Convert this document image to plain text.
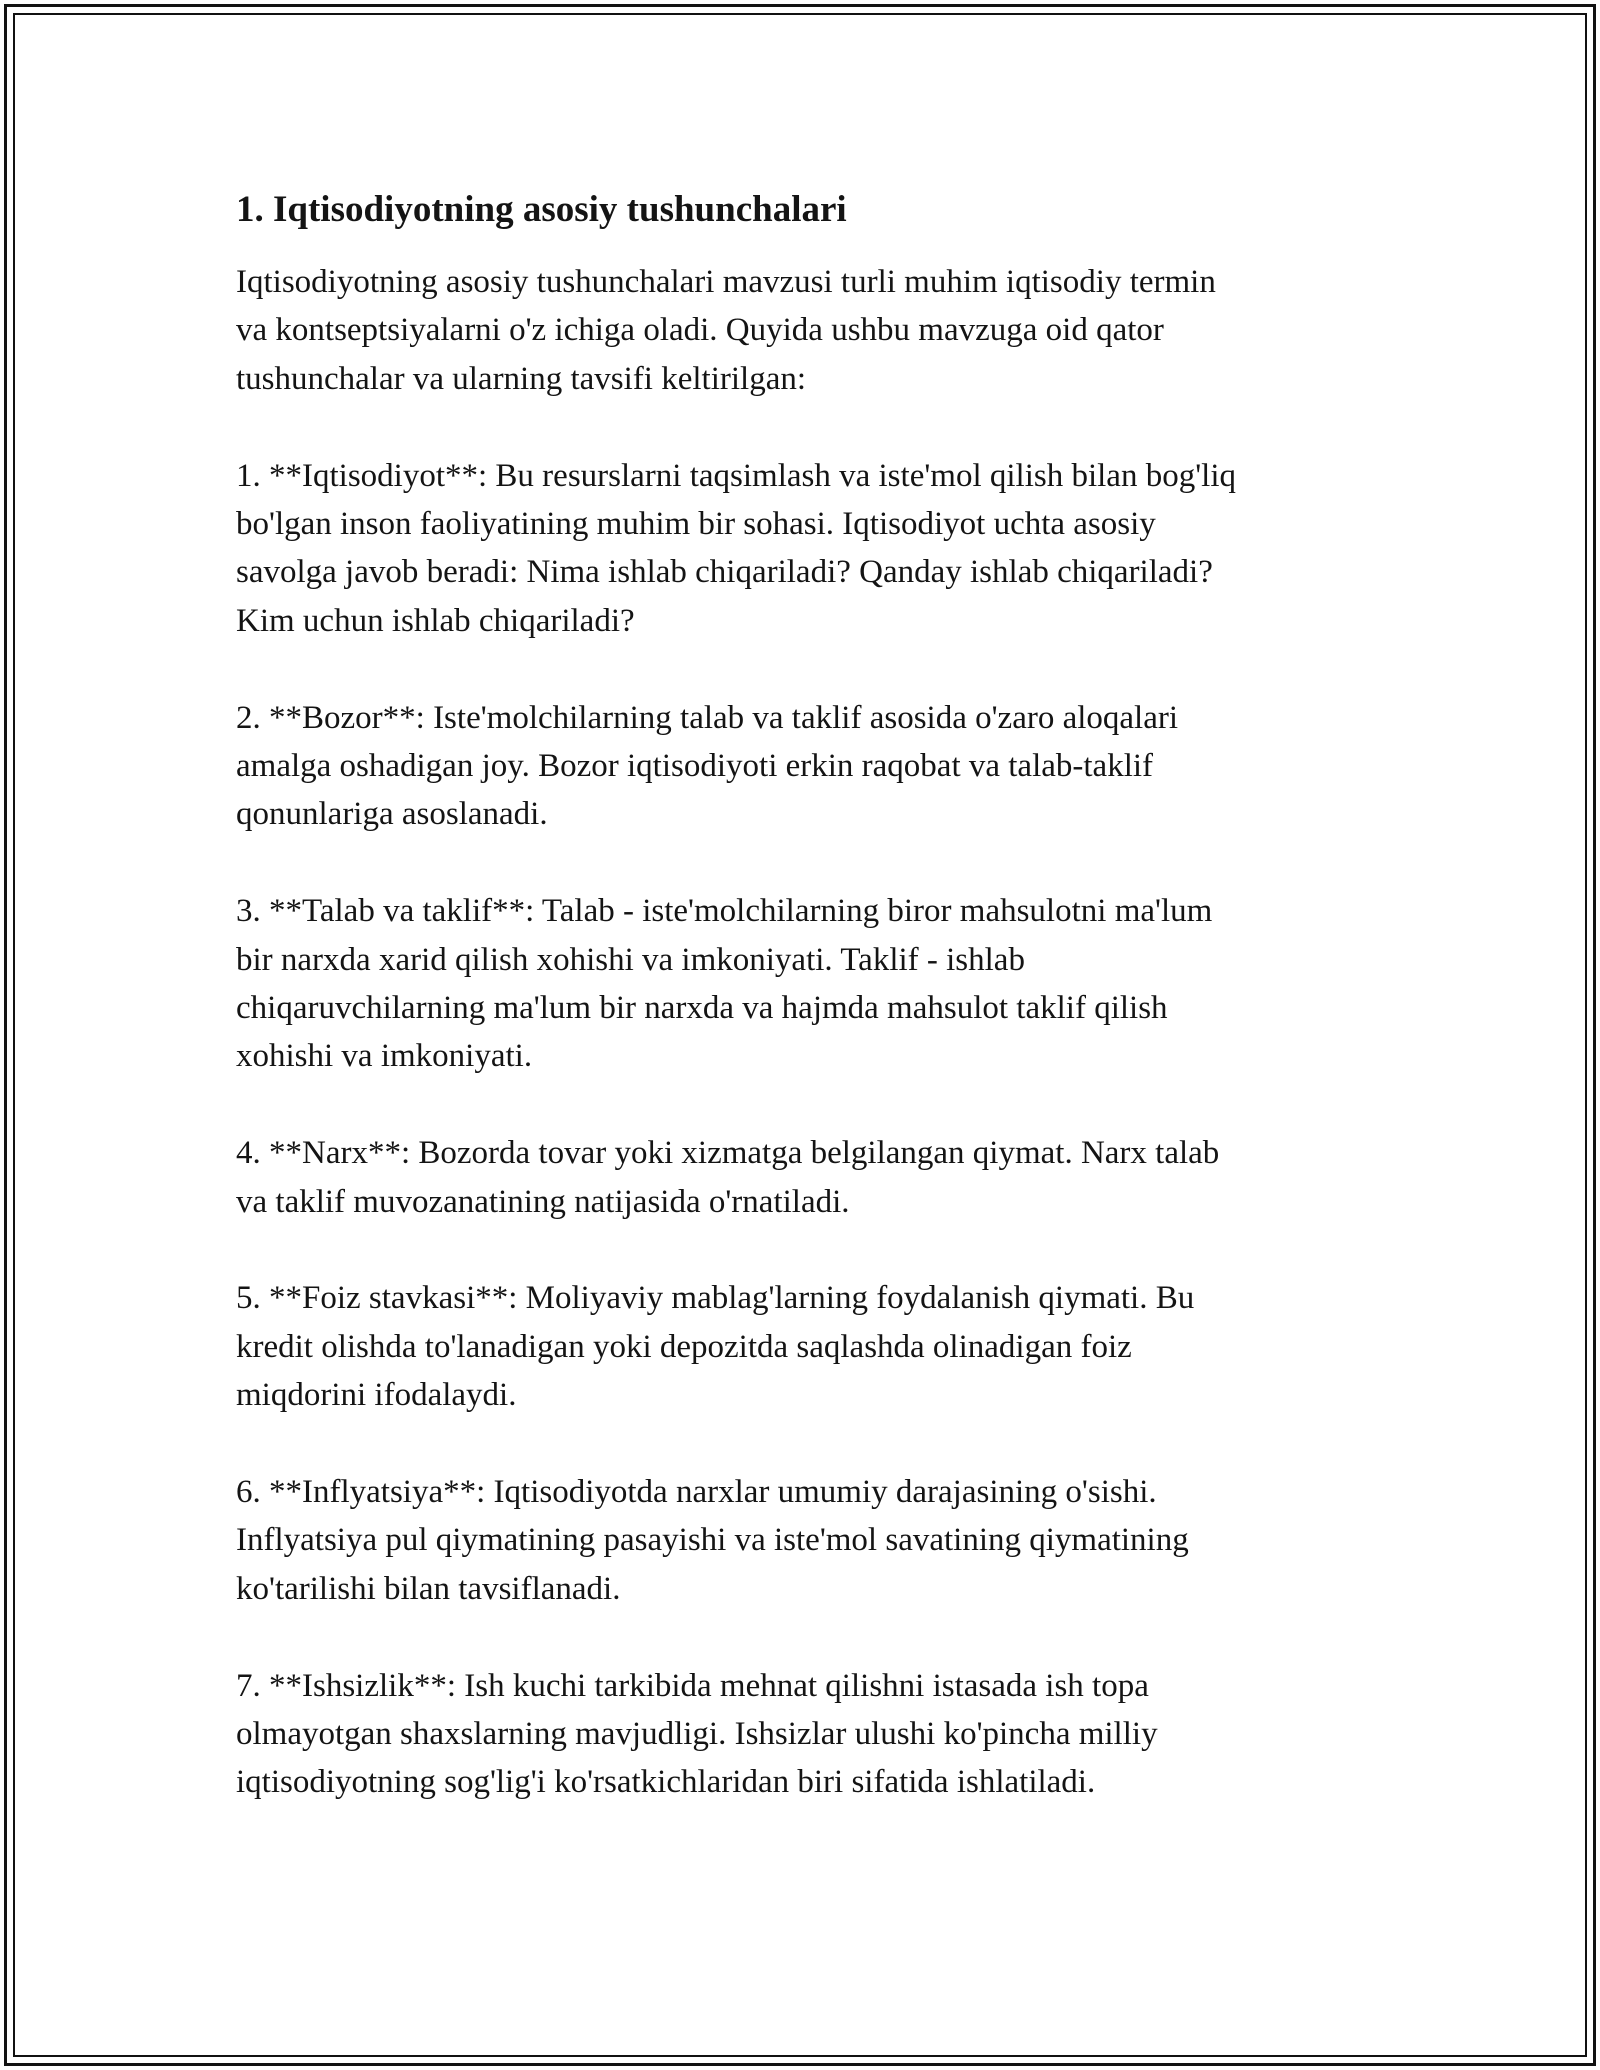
1. Iqtisodiyotning asosiy tushunchalari

Iqtisodiyotning asosiy tushunchalari mavzusi turli muhim iqtisodiy termin
va kontseptsiyalarni o'z ichiga oladi. Quyida ushbu mavzuga oid qator
tushunchalar va ularning tavsifi keltirilgan:

1. **Iqtisodiyot**: Bu resurslarni taqsimlash va iste'mol qilish bilan bog'liq
bo'lgan inson faoliyatining muhim bir sohasi. Iqtisodiyot uchta asosiy
savolga javob beradi: Nima ishlab chiqariladi? Qanday ishlab chiqariladi?
Kim uchun ishlab chiqariladi?

2. **Bozor**: Iste'molchilarning talab va taklif asosida o'zaro aloqalari
amalga oshadigan joy. Bozor iqtisodiyoti erkin raqobat va talab-taklif
qonunlariga asoslanadi.

3. **Talab va taklif**: Talab - iste'molchilarning biror mahsulotni ma'lum
bir narxda xarid qilish xohishi va imkoniyati. Taklif - ishlab
chiqaruvchilarning ma'lum bir narxda va hajmda mahsulot taklif qilish
xohishi va imkoniyati.

4. **Narx**: Bozorda tovar yoki xizmatga belgilangan qiymat. Narx talab
va taklif muvozanatining natijasida o'rnatiladi.

5. **Foiz stavkasi**: Moliyaviy mablag'larning foydalanish qiymati. Bu
kredit olishda to'lanadigan yoki depozitda saqlashda olinadigan foiz
miqdorini ifodalaydi.

6. **Inflyatsiya**: Iqtisodiyotda narxlar umumiy darajasining o'sishi.
Inflyatsiya pul qiymatining pasayishi va iste'mol savatining qiymatining
ko'tarilishi bilan tavsiflanadi.

7. **Ishsizlik**: Ish kuchi tarkibida mehnat qilishni istasada ish topa
olmayotgan shaxslarning mavjudligi. Ishsizlar ulushi ko'pincha milliy
iqtisodiyotning sog'lig'i ko'rsatkichlaridan biri sifatida ishlatiladi.
